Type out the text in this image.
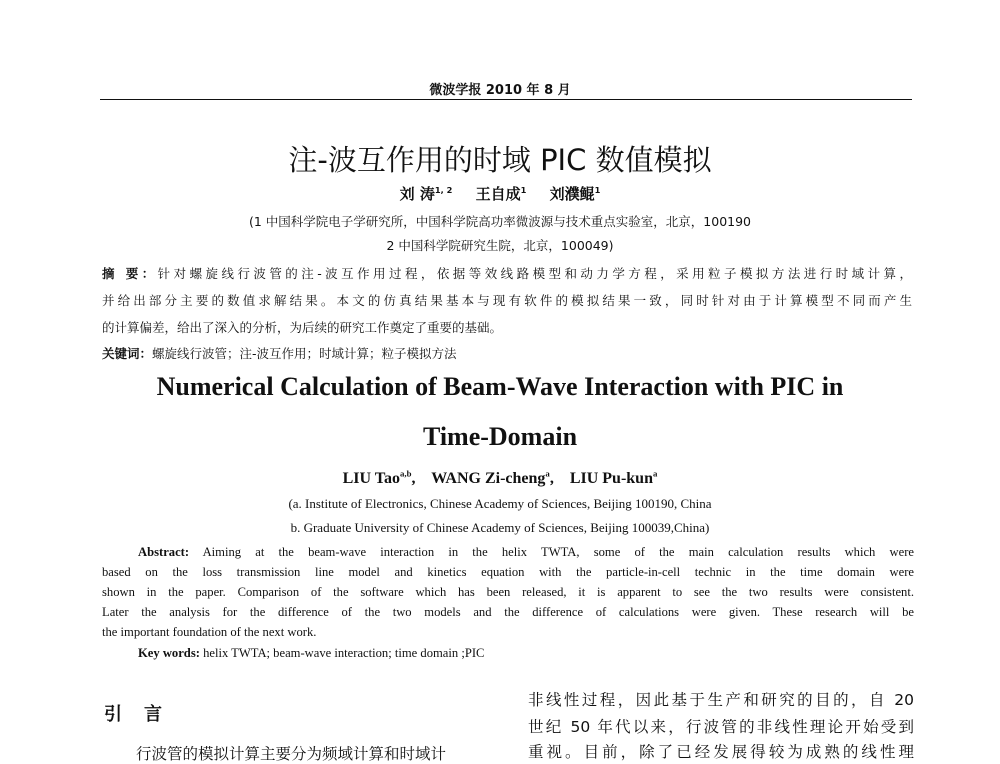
微波学报 2010 年 8 月
注-波互作用的时域 PIC 数值模拟
刘 涛$^{1, 2}$ 王自成$^1$ 刘濮鲲$^1$
(1 中国科学院电子学研究所，中国科学院高功率微波源与技术重点实验室，北京，100190
2 中国科学院研究生院，北京，100049)
摘 要：针对螺旋线行波管的注-波互作用过程，依据等效线路模型和动力学方程，采用粒子模拟方法进行时域计算，
并给出部分主要的数值求解结果。本文的仿真结果基本与现有软件的模拟结果一致，同时针对由于计算模型不同而产生
的计算偏差，给出了深入的分析，为后续的研究工作奠定了重要的基础。
关键词：螺旋线行波管；注-波互作用；时域计算；粒子模拟方法
Numerical Calculation of Beam-Wave Interaction with PIC in
Time-Domain
LIU Tao$^{a,b}$, WANG Zi-cheng$^a$, LIU Pu-kun$^a$
(a. Institute of Electronics, Chinese Academy of Sciences, Beijing 100190, China
b. Graduate University of Chinese Academy of Sciences, Beijing 100039,China)
Abstract: Aiming at the beam-wave interaction in the helix TWTA, some of the main calculation results which were
based on the loss transmission line model and kinetics equation with the particle-in-cell technic in the time domain were
shown in the paper. Comparison of the software which has been released, it is apparent to see the two results were consistent.
Later the analysis for the difference of the two models and the difference of calculations were given. These research will be
the important foundation of the next work.
Key words: helix TWTA; beam-wave interaction; time domain ;PIC
引 言
行波管的模拟计算主要分为频域计算和时域计
非线性过程，因此基于生产和研究的目的，自 20
世纪 50 年代以来，行波管的非线性理论开始受到
重视。目前，除了已经发展得较为成熟的线性理
